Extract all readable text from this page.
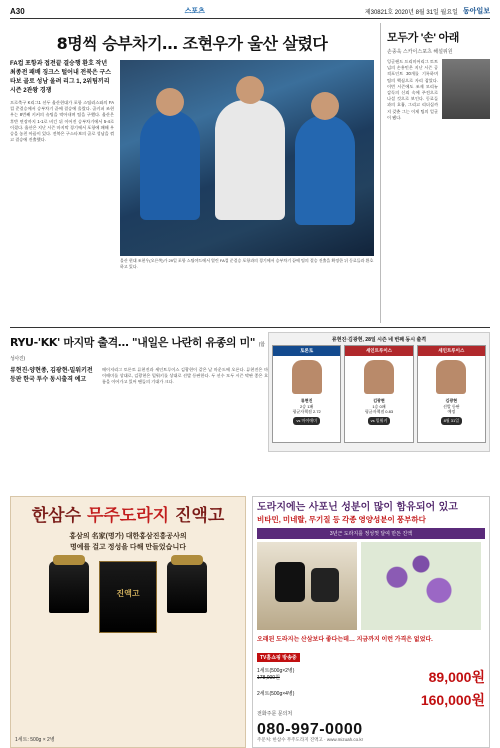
A30	스포츠	제30821호 2020년 8월 31일 월요일 동아일보
8명씩 승부차기… 조현우가 울산 살렸다
FA컵 포항과 접전끝 결승행 환호 작년 최종전 패배 징크스 털어내 전북은 구스타보 골로 성남 울려 리그 1, 2위팀끼리 시즌 2관왕 경쟁
프로축구 K리그1 선두 울산현대가 포항 스틸러스와의 FA컵 준결승에서 승부차기 끝에 결승에 올랐다. 골키퍼 조현우는 8번째 키커의 슈팅을 막아내며 팀을 구했다. 울산은 후반 연장까지 1-1로 비긴 뒤 이어진 승부차기에서 5-4로 이겼다. 울산은 지난 시즌 마지막 경기에서 포항에 패해 우승을 놓친 아픔이 있다. 전북은 구스타보의 골로 성남을 꺾고 결승에 진출했다.
울산 현대 조현우(오른쪽)가 29일 포항 스틸야드에서 열린 FA컵 준결승 포항과의 경기에서 승부차기 끝에 팀의 결승 진출을 확정한 뒤 동료들과 환호하고 있다.
모두가 '손' 아래
손종욱 스카이스포츠 해설위원
잉글랜드 프리미어리그 토트넘의 손흥민은 지난 시즌 공격포인트 30개를 기록하며 팀의 핵심으로 자리 잡았다. 이번 시즌에도 조제 모리뉴 감독의 신뢰 속에 주전으로 나설 것으로 보인다. 동료들과의 호흡, 그리고 리더십까지 갖춘 그는 이제 팀의 얼굴이 됐다.
RYU-'KK' 마지막 출격… "내일은 나란히 유종의 미" (합성사진)
류현진-양현종, 김광현-밀워키전 등판 한국 투수 동시출격 예고
메이저리그 토론토 류현진과 세인트루이스 김광현이 같은 날 마운드에 오른다. 류현진은 마이애미를 상대로, 김광현은 밀워키를 상대로 선발 등판한다. 두 선수 모두 시즌 막판 좋은 흐름을 이어가고 있어 팬들의 기대가 크다.
류현진·김광현, 28일 시즌 네 번째 동시 출격
토론토
류현진
2승 1패
평균자책점 2.72
vs 마이애미
세인트루이스
김광현
1승 0패
평균자책점 0.83
vs 밀워키
세인트루이스
김광현
선발 등판
예정
8월 31일
한삼수 무주도라지 진액고
홍삼의 名家(명가) 대한홍삼진흥공사의
명예를 걸고 정성을 다해 만들었습니다
진액고
1세트: 500g × 2병
도라지에는 사포닌 성분이 많이 함유되어 있고
비타민, 미네랄, 무기질 등 각종 영양성분이 풍부하다
3년근 도라지를 정성껏 달여 만든 진액
오래된 도라지는 산삼보다 좋다는데… 지금까지 이런 가격은 없었다.
TV홈쇼핑 방송중
1세트(500g×2병)
178,000원	89,000원
2세트(500g×4병)	160,000원
전화주문 문의처
080-997-0000
주문처: 한삼수 무주도라지 진액고 · www.mizuah.co.kr
